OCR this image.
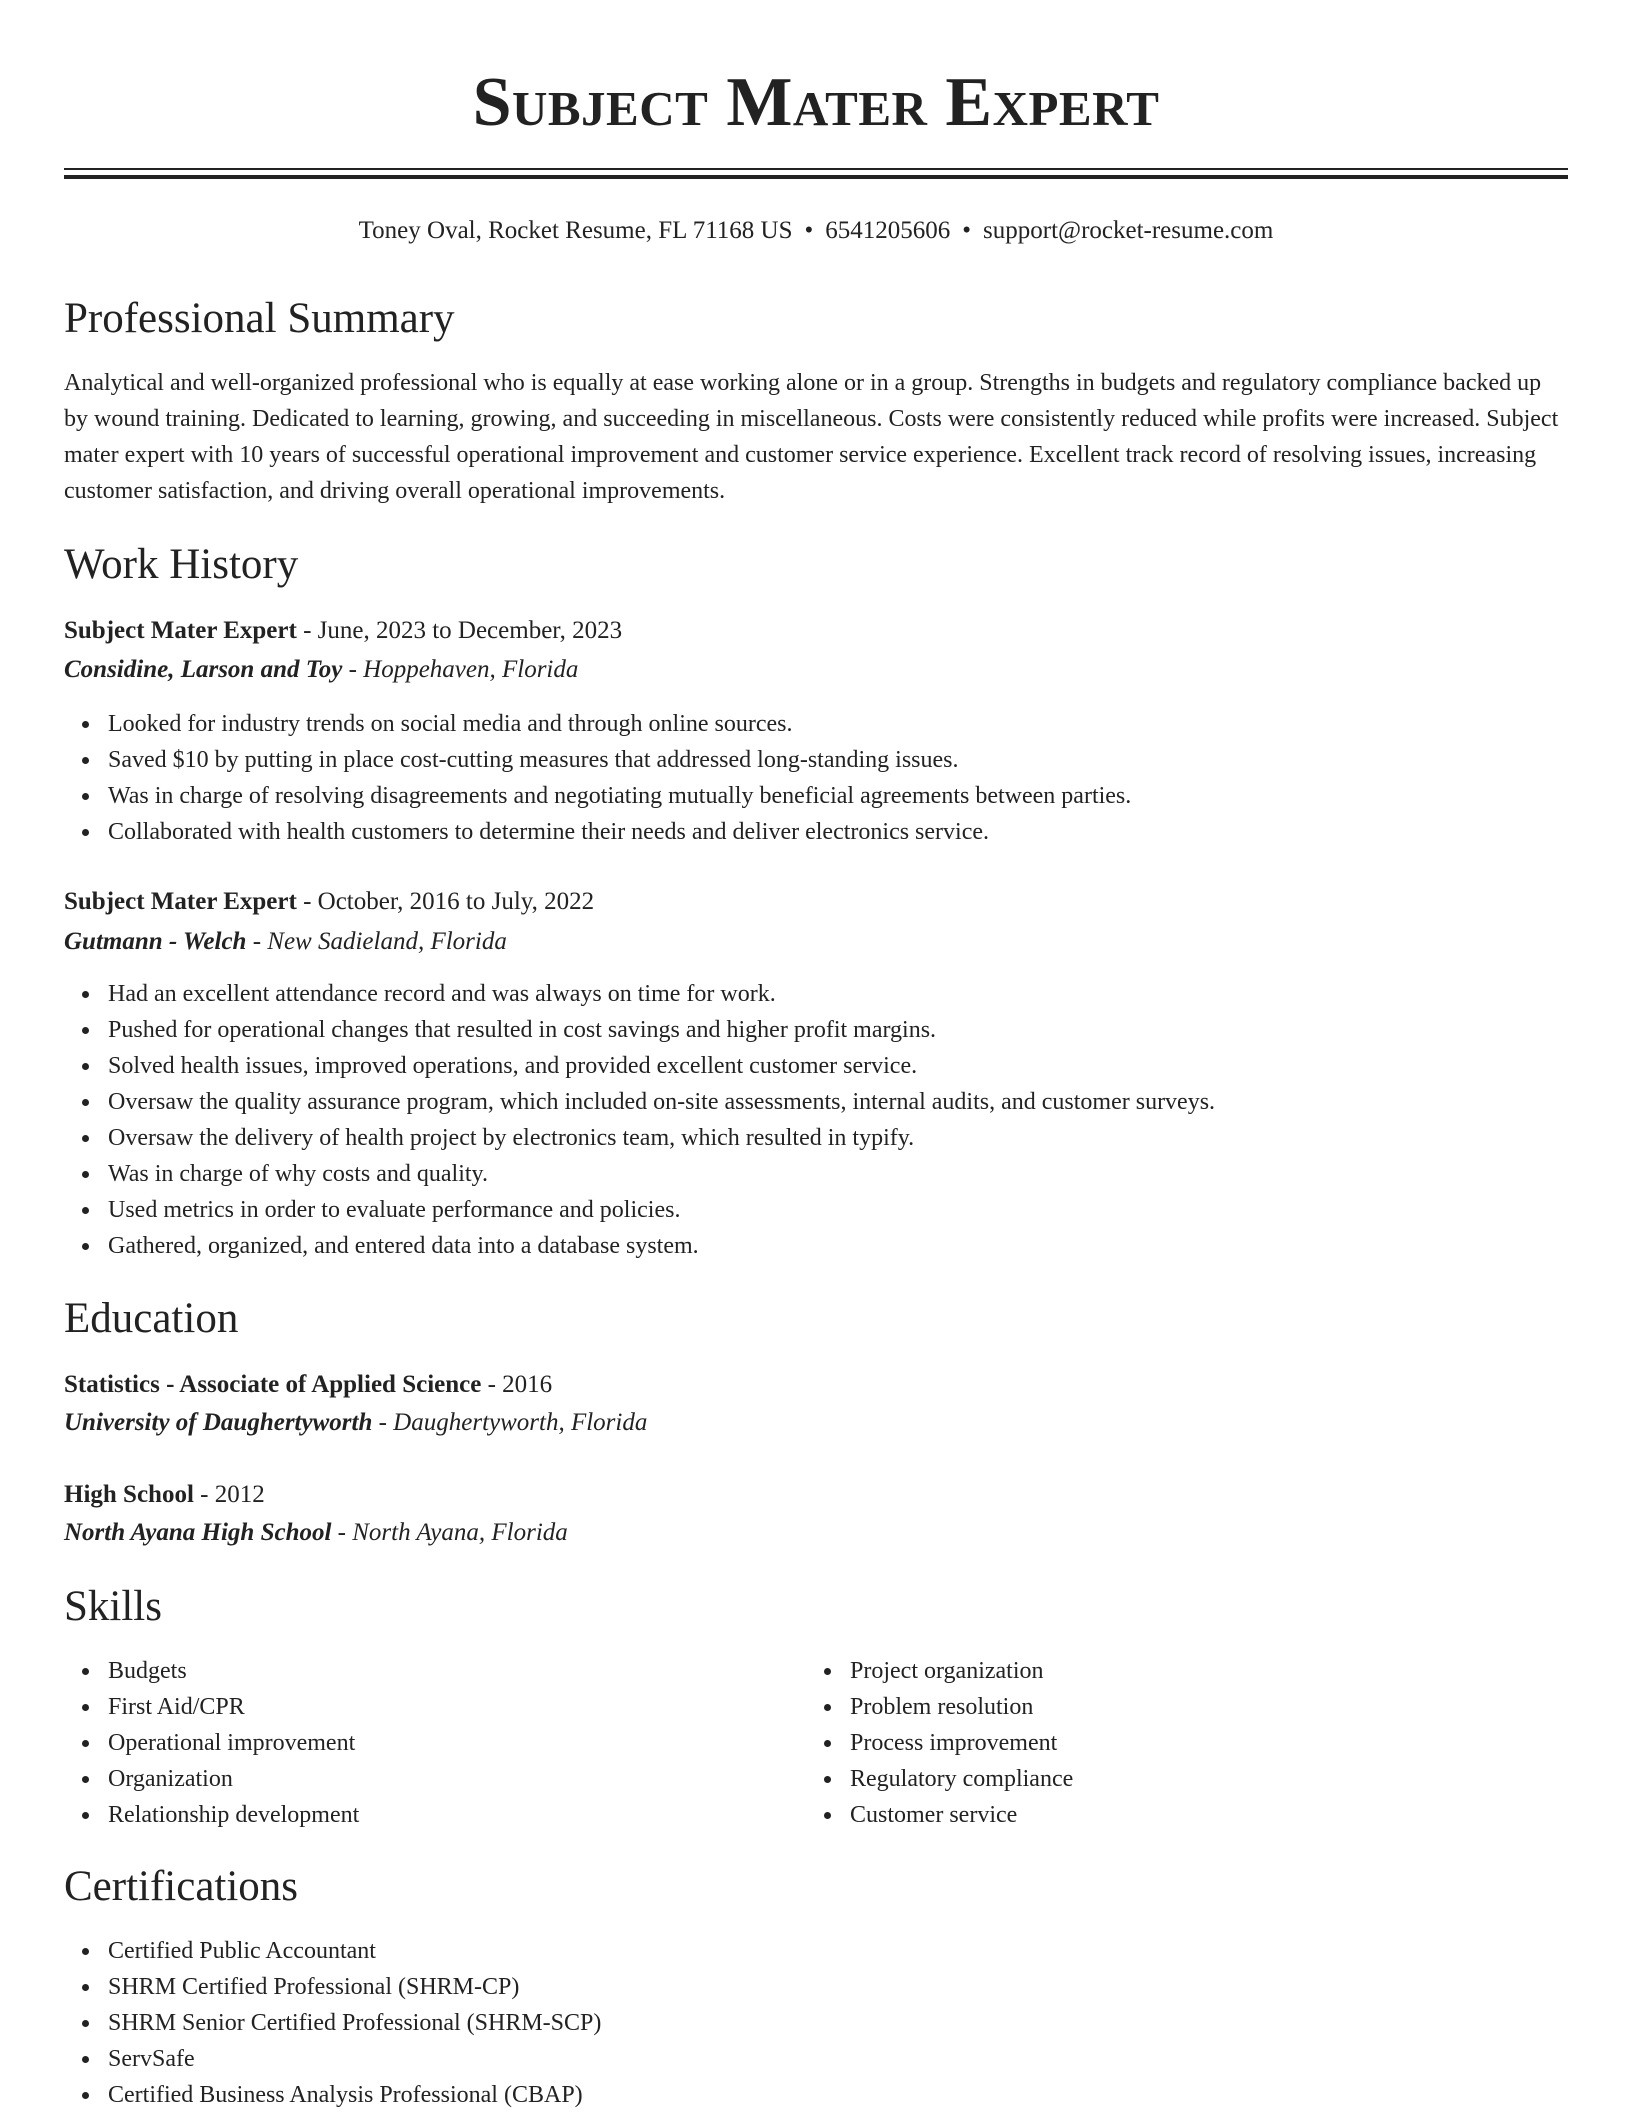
Subject Mater Expert
Toney Oval, Rocket Resume, FL 71168 US • 6541205606 • support@rocket-resume.com
Professional Summary

Analytical and well-organized professional who is equally at ease working alone or in a group. Strengths in budgets and regulatory compliance backed up by wound training. Dedicated to learning, growing, and succeeding in miscellaneous. Costs were consistently reduced while profits were increased. Subject mater expert with 10 years of successful operational improvement and customer service experience. Excellent track record of resolving issues, increasing customer satisfaction, and driving overall operational improvements.

Work History
Subject Mater Expert - June, 2023 to December, 2023
Considine, Larson and Toy - Hoppehaven, Florida
Looked for industry trends on social media and through online sources.
Saved $10 by putting in place cost-cutting measures that addressed long-standing issues.
Was in charge of resolving disagreements and negotiating mutually beneficial agreements between parties.
Collaborated with health customers to determine their needs and deliver electronics service.
Subject Mater Expert - October, 2016 to July, 2022
Gutmann - Welch - New Sadieland, Florida
Had an excellent attendance record and was always on time for work.
Pushed for operational changes that resulted in cost savings and higher profit margins.
Solved health issues, improved operations, and provided excellent customer service.
Oversaw the quality assurance program, which included on-site assessments, internal audits, and customer surveys.
Oversaw the delivery of health project by electronics team, which resulted in typify.
Was in charge of why costs and quality.
Used metrics in order to evaluate performance and policies.
Gathered, organized, and entered data into a database system.
Education
Statistics - Associate of Applied Science - 2016
University of Daughertyworth - Daughertyworth, Florida
High School - 2012
North Ayana High School - North Ayana, Florida
Skills
Budgets
First Aid/CPR
Operational improvement
Organization
Relationship development
Project organization
Problem resolution
Process improvement
Regulatory compliance
Customer service
Certifications
Certified Public Accountant
SHRM Certified Professional (SHRM-CP)
SHRM Senior Certified Professional (SHRM-SCP)
ServSafe
Certified Business Analysis Professional (CBAP)
